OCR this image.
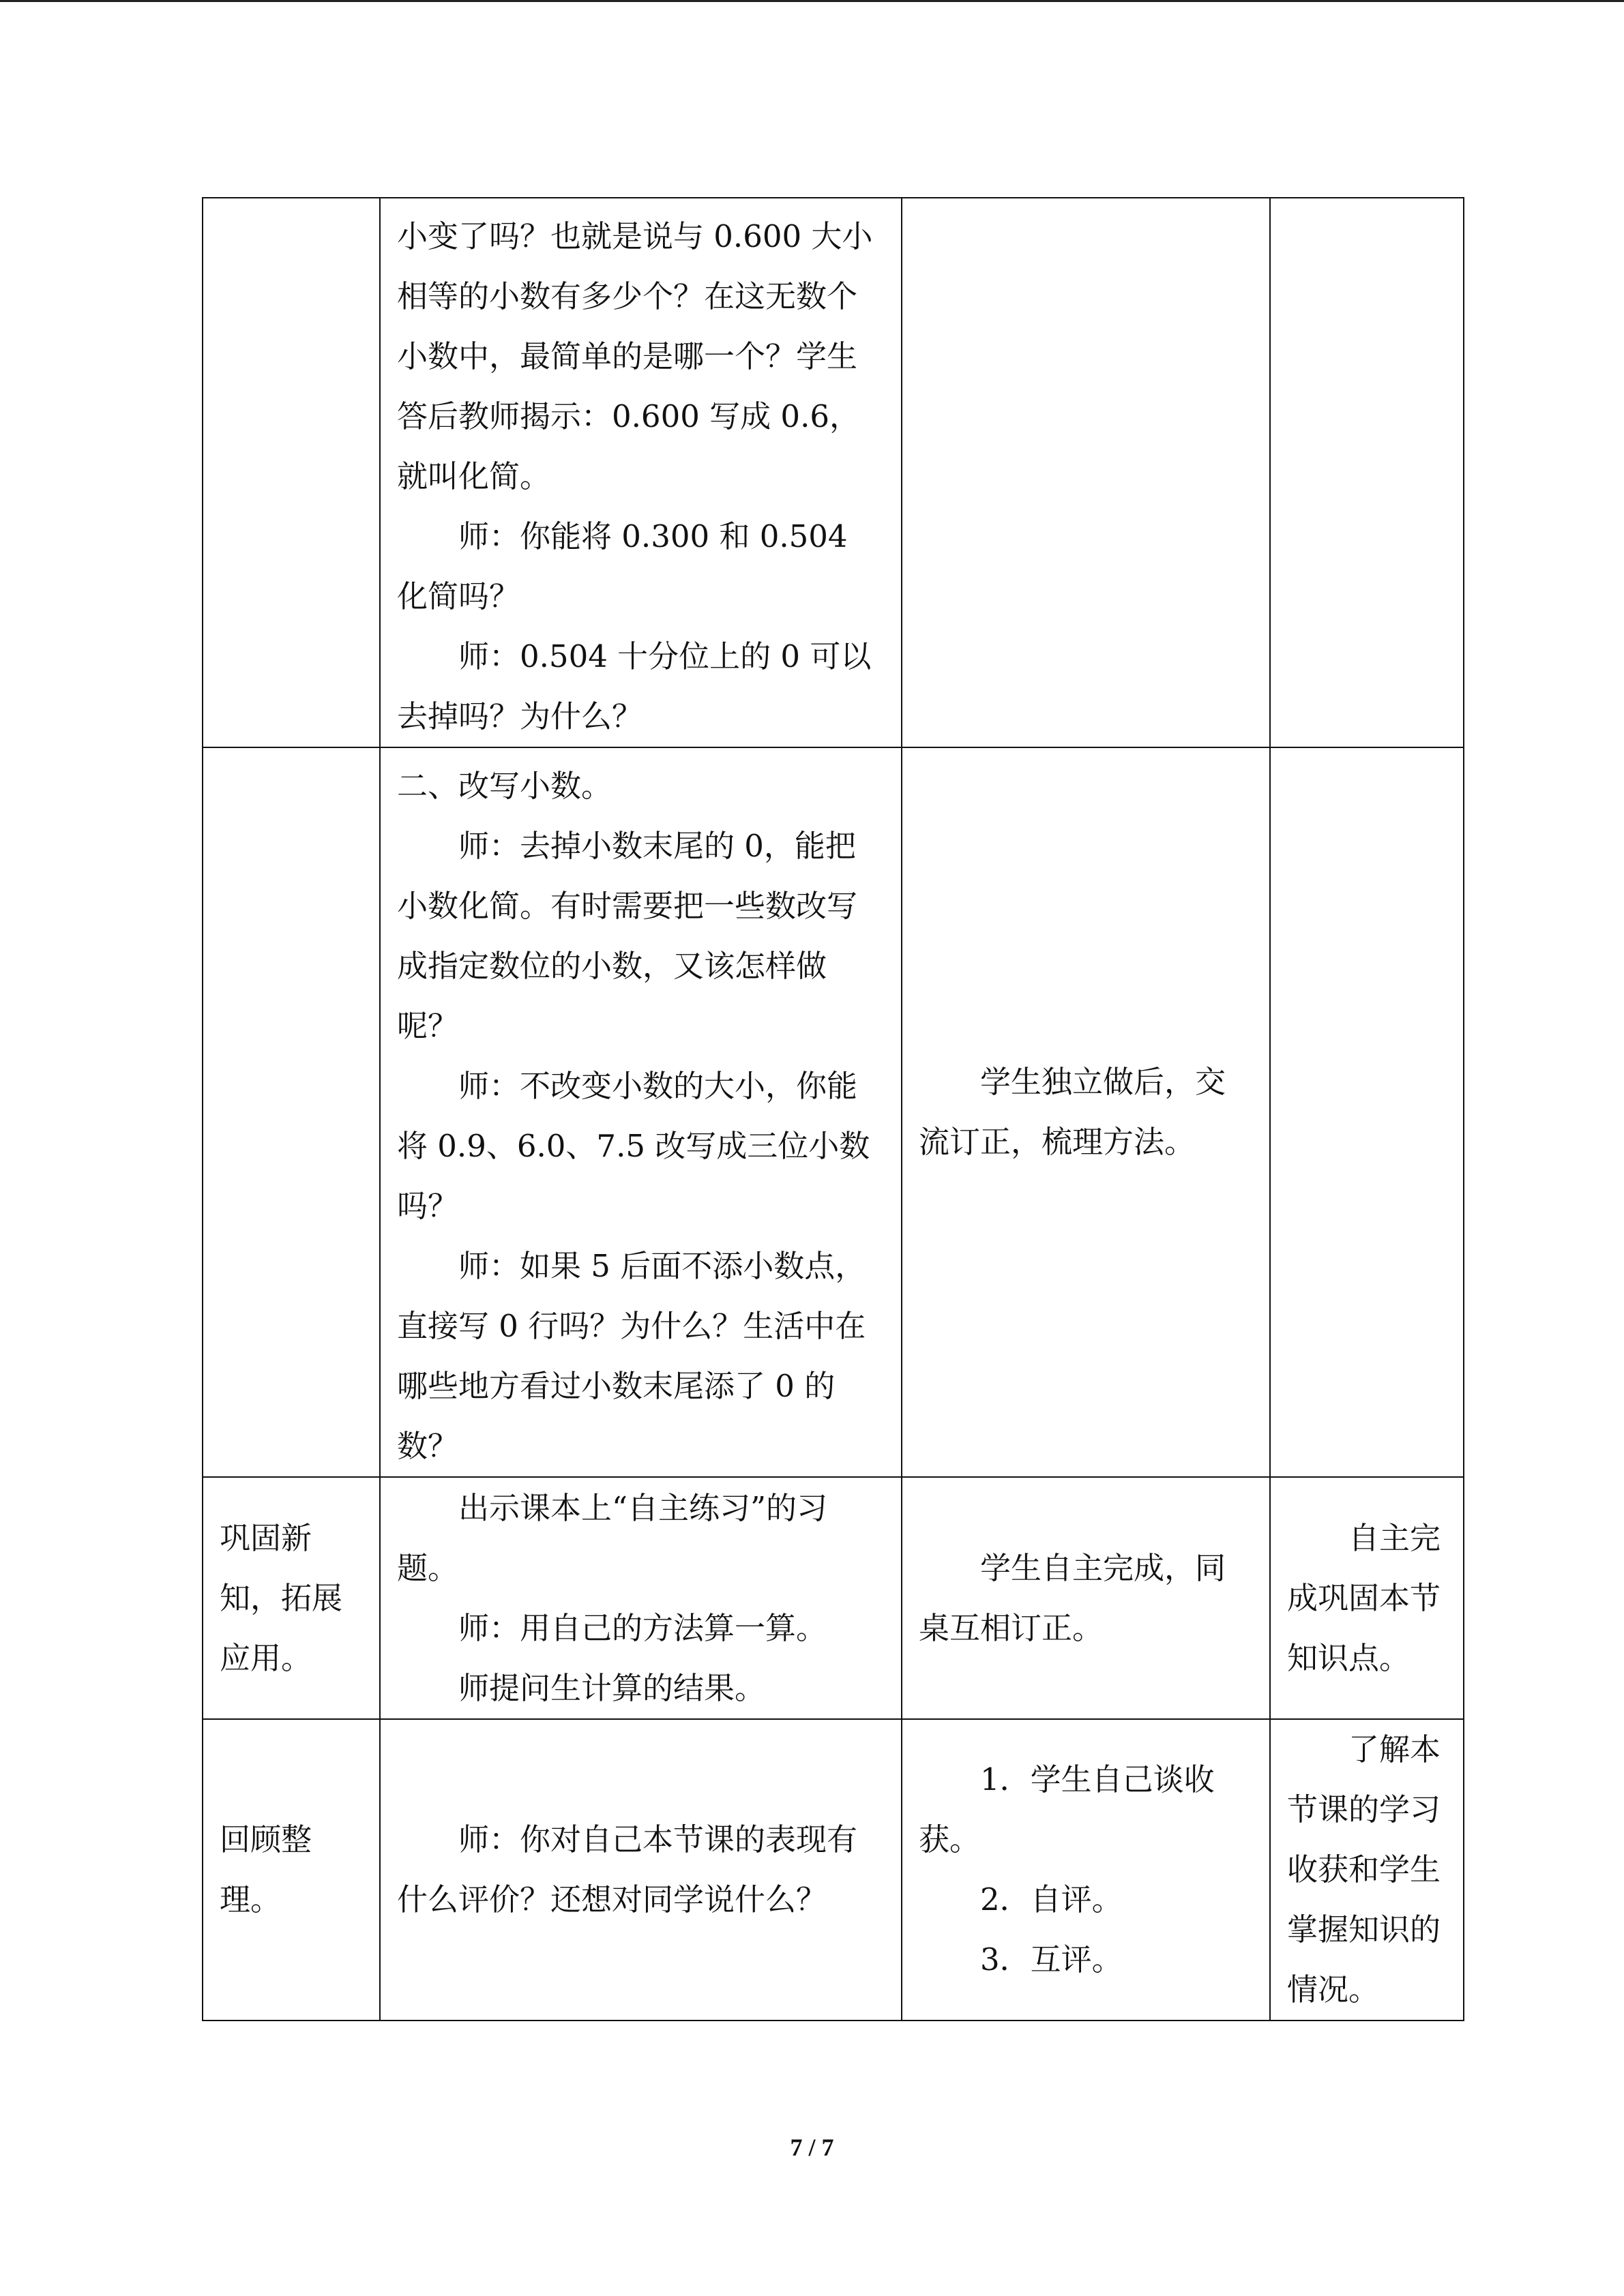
	小变了吗？也就是说与 0.600 大小相等的小数有多少个？在这无数个小数中，最简单的是哪一个？学生答后教师揭示：0.600 写成 0.6，就叫化简。

师：你能将 0.300 和 0.504 化简吗？

师：0.504 十分位上的 0 可以去掉吗？为什么？		

	二、改写小数。

师：去掉小数末尾的 0，能把小数化简。有时需要把一些数改写成指定数位的小数，又该怎样做呢？

师：不改变小数的大小，你能将 0.9、6.0、7.5 改写成三位小数吗？

师：如果 5 后面不添小数点，直接写 0 行吗？为什么？生活中在哪些地方看过小数末尾添了 0 的数？	学生独立做后，交流订正，梳理方法。	

巩固新知，拓展应用。	出示课本上“自主练习”的习题。

师：用自己的方法算一算。

师提问生计算的结果。	学生自主完成，同桌互相订正。	自主完成巩固本节知识点。

回顾整理。	师：你对自己本节课的表现有什么评价？还想对同学说什么？	1．学生自己谈收获。

2．自评。

3．互评。	了解本节课的学习收获和学生掌握知识的情况。

7 / 7
